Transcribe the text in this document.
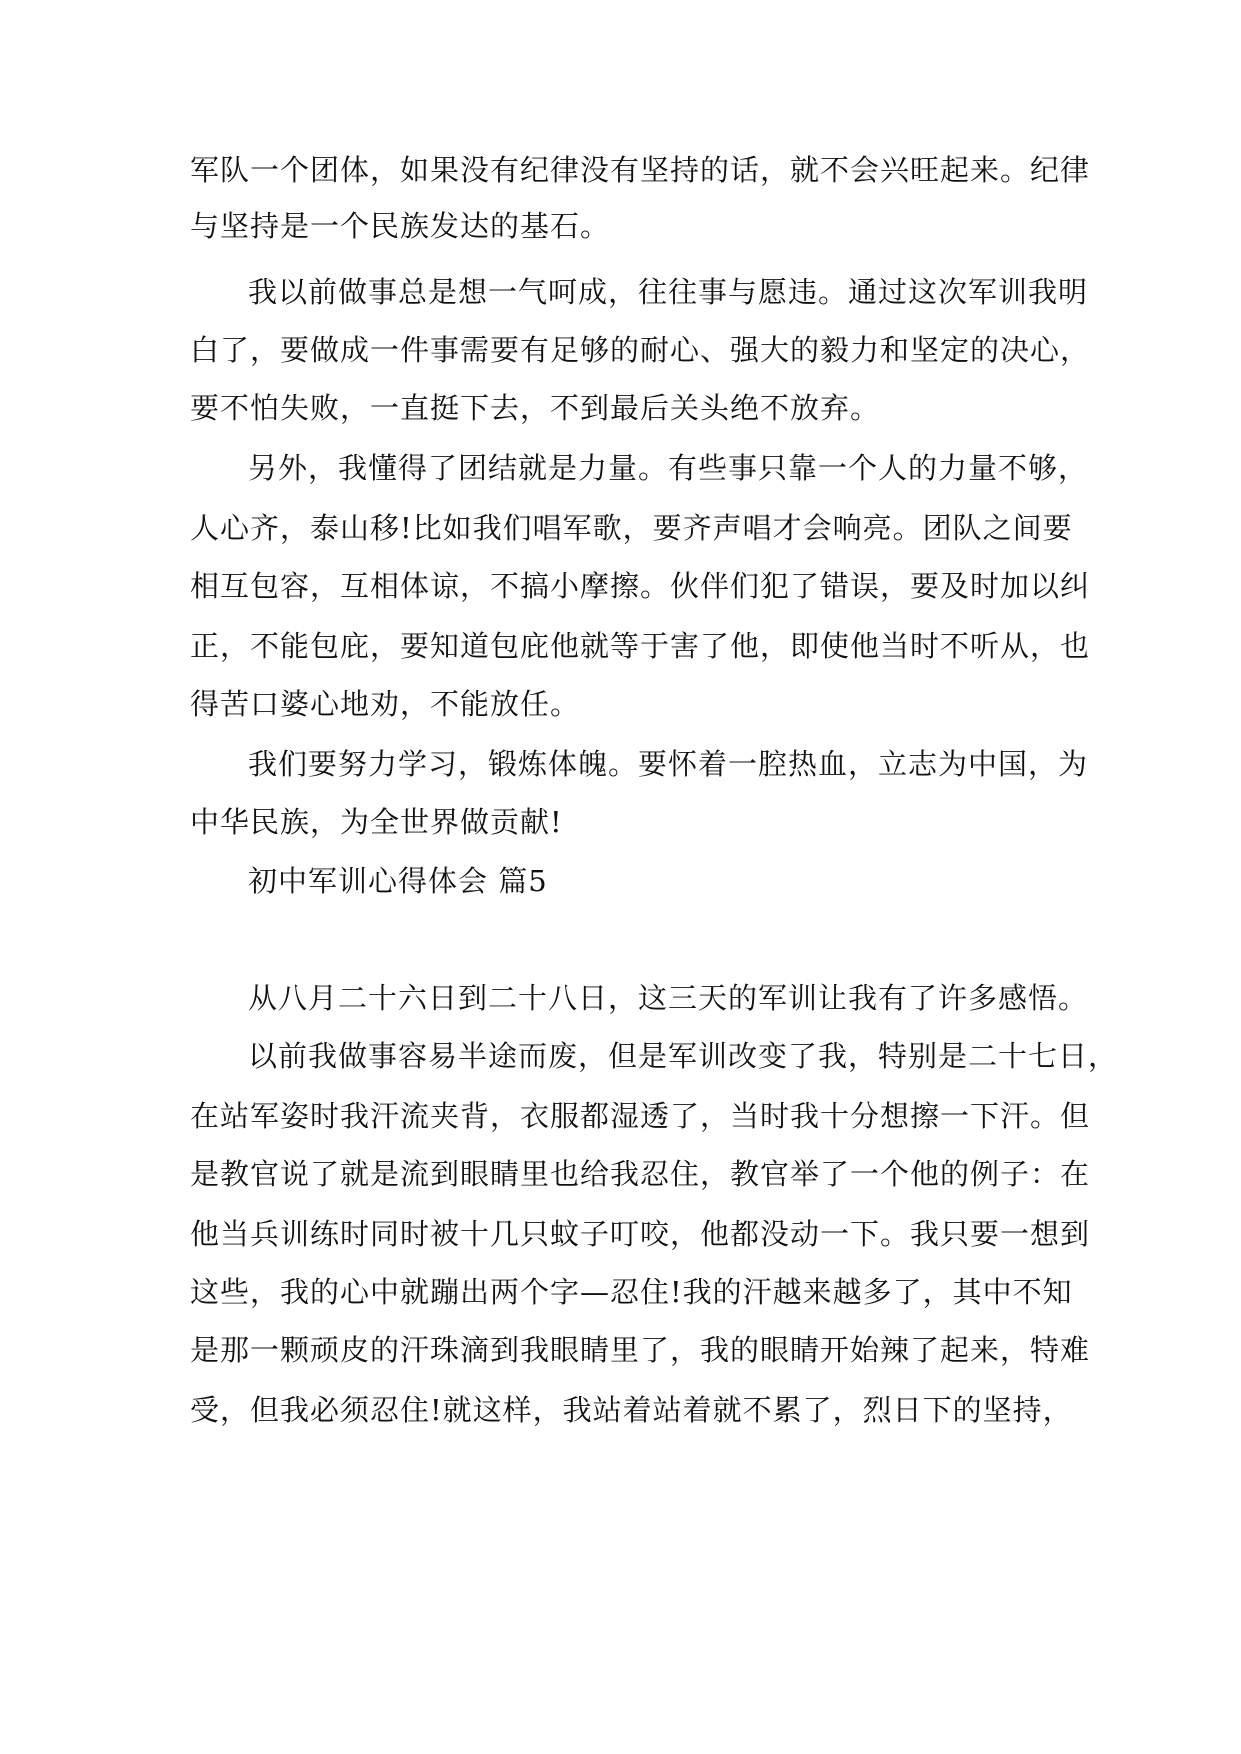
军队一个团体，如果没有纪律没有坚持的话，就不会兴旺起来。纪律
与坚持是一个民族发达的基石。
我以前做事总是想一气呵成，往往事与愿违。通过这次军训我明
白了，要做成一件事需要有足够的耐心、强大的毅力和坚定的决心，
要不怕失败，一直挺下去，不到最后关头绝不放弃。
另外，我懂得了团结就是力量。有些事只靠一个人的力量不够，
人心齐，泰山移!比如我们唱军歌，要齐声唱才会响亮。团队之间要
相互包容，互相体谅，不搞小摩擦。伙伴们犯了错误，要及时加以纠
正，不能包庇，要知道包庇他就等于害了他，即使他当时不听从，也
得苦口婆心地劝，不能放任。
我们要努力学习，锻炼体魄。要怀着一腔热血，立志为中国，为
中华民族，为全世界做贡献!
初中军训心得体会 篇5
从八月二十六日到二十八日，这三天的军训让我有了许多感悟。
以前我做事容易半途而废，但是军训改变了我，特别是二十七日，
在站军姿时我汗流夹背，衣服都湿透了，当时我十分想擦一下汗。但
是教官说了就是流到眼睛里也给我忍住，教官举了一个他的例子：在
他当兵训练时同时被十几只蚊子叮咬，他都没动一下。我只要一想到
这些，我的心中就蹦出两个字—忍住!我的汗越来越多了，其中不知
是那一颗顽皮的汗珠滴到我眼睛里了，我的眼睛开始辣了起来，特难
受，但我必须忍住!就这样，我站着站着就不累了，烈日下的坚持，
